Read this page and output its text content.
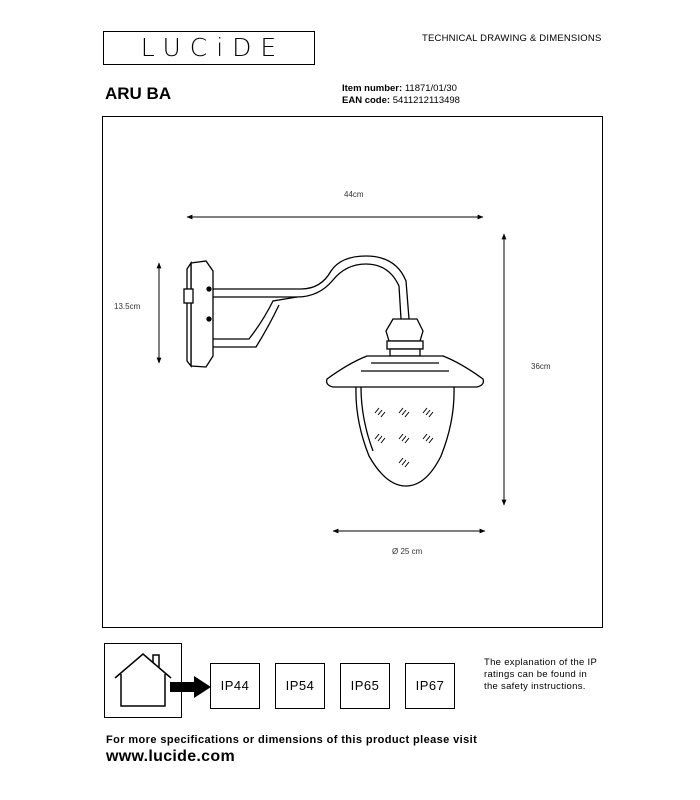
LUCiDE	TECHNICAL DRAWING & DIMENSIONS
ARU BA	Item number: 11871/01/30
EAN code: 5411212113498
44cm
36cm
13.5cm
Ø 25 cm
IP44	IP54	IP65	IP67
The explanation of the IP ratings can be found in the safety instructions.
For more specifications or dimensions of this product please visit
www.lucide.com
